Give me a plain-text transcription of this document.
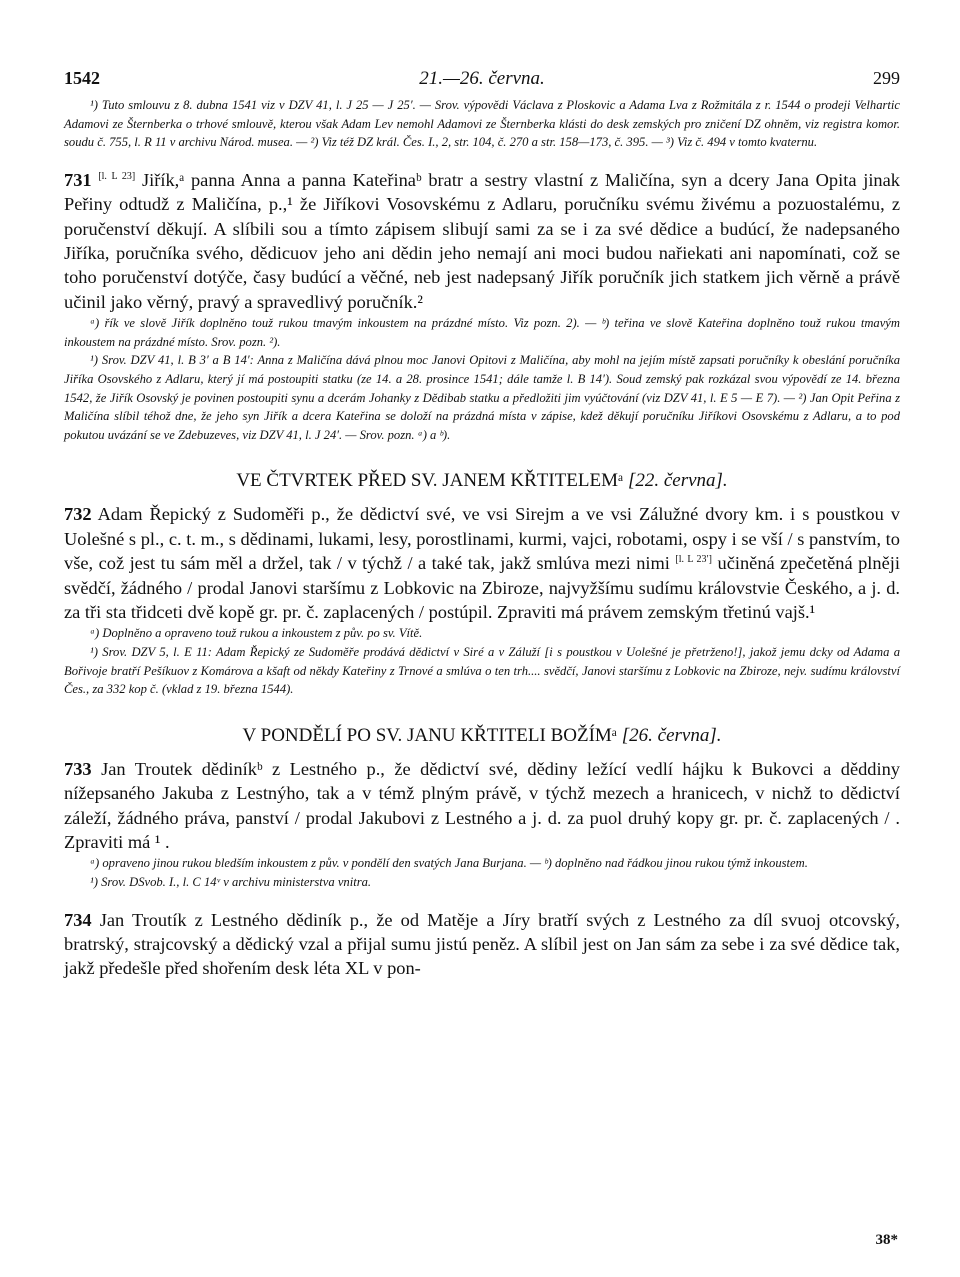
1542	21.—26. června.	299

¹) Tuto smlouvu z 8. dubna 1541 viz v DZV 41, l. J 25 — J 25′. — Srov. výpovědi Václava z Ploskovic a Adama Lva z Rožmitála z r. 1544 o prodeji Velhartic Adamovi ze Šternberka o trhové smlouvě, kterou však Adam Lev nemohl Adamovi ze Šternberka klásti do desk zemských pro zničení DZ ohněm, viz registra komor. soudu č. 755, l. R 11 v archivu Národ. musea. — ²) Viz též DZ král. Čes. I., 2, str. 104, č. 270 a str. 158—173, č. 395. — ³) Viz č. 494 v tomto kvaternu.

731 [l. L 23] Jiřík,ᵃ panna Anna a panna Kateřinaᵇ bratr a sestry vlastní z Maličína, syn a dcery Jana Opita jinak Peřiny odtudž z Maličína, p.,¹ že Jiříkovi Vosovskému z Adlaru, poručníku svému živému a pozuostalému, z poručenství děkují. A slíbili sou a tímto zápisem slibují sami za se i za své dědice a budúcí, že nadepsaného Jiříka, poručníka svého, dědicuov jeho ani dědin jeho nemají ani moci budou nařiekati ani napomínati, což se toho poručenství dotýče, časy budúcí a věčné, neb jest nadepsaný Jiřík poručník jich statkem jich věrně a právě učinil jako věrný, pravý a spravedlivý poručník.²

ᵃ) řík ve slově Jiřík doplněno touž rukou tmavým inkoustem na prázdné místo. Viz pozn. 2). — ᵇ) teřina ve slově Kateřina doplněno touž rukou tmavým inkoustem na prázdné místo. Srov. pozn. ²).

¹) Srov. DZV 41, l. B 3′ a B 14′: Anna z Maličína dává plnou moc Janovi Opitovi z Maličína, aby mohl na jejím místě zapsati poručníky k obeslání poručníka Jiříka Osovského z Adlaru, který jí má postoupiti statku (ze 14. a 28. prosince 1541; dále tamže l. B 14′). Soud zemský pak rozkázal svou výpovědí ze 14. března 1542, že Jiřík Osovský je povinen postoupiti synu a dcerám Johanky z Dědibab statku a předložiti jim vyúčtování (viz DZV 41, l. E 5 — E 7). — ²) Jan Opit Peřina z Maličína slíbil téhož dne, že jeho syn Jiřík a dcera Kateřina se doloží na prázdná místa v zápise, kdež děkují poručníku Jiříkovi Osovskému z Adlaru, a to pod pokutou uvázání se ve Zdebuzeves, viz DZV 41, l. J 24′. — Srov. pozn. ᵃ) a ᵇ).

VE ČTVRTEK PŘED SV. JANEM KŘTITELEMᵃ [22. června].

732 Adam Řepický z Sudoměři p., že dědictví své, ve vsi Sirejm a ve vsi Zálužné dvory km. i s poustkou v Uolešné s pl., c. t. m., s dědinami, lukami, lesy, porostlinami, kurmi, vajci, robotami, ospy i se vší / s panstvím, to vše, což jest tu sám měl a držel, tak / v týchž / a také tak, jakž smlúva mezi nimi [l. L 23′] učiněná zpečetěná plněji svědčí, žádného / prodal Janovi staršímu z Lobkovic na Zbiroze, najvyžšímu sudímu královstvie Českého, a j. d. za tři sta třidceti dvě kopě gr. pr. č. zaplacených / postúpil. Zpraviti má právem zemským třetinú vajš.¹

ᵃ) Doplněno a opraveno touž rukou a inkoustem z pův. po sv. Vítě.

¹) Srov. DZV 5, l. E 11: Adam Řepický ze Sudoměře prodává dědictví v Siré a v Záluží [i s poustkou v Uolešné je přetrženo!], jakož jemu dcky od Adama a Bořivoje bratří Pešíkuov z Komárova a kšaft od někdy Kateřiny z Trnové a smlúva o ten trh.... svědčí, Janovi staršímu z Lobkovic na Zbiroze, nejv. sudímu království Čes., za 332 kop č. (vklad z 19. března 1544).

V PONDĚLÍ PO SV. JANU KŘTITELI BOŽÍMᵃ [26. června].

733 Jan Troutek dědiníkᵇ z Lestného p., že dědictví své, dědiny ležící vedlí hájku k Bukovci a děddiny nížepsaného Jakuba z Lestnýho, tak a v témž plným právě, v týchž mezech a hranicech, v nichž to dědictví záleží, žádného práva, panství / prodal Jakubovi z Lestného a j. d. za puol druhý kopy gr. pr. č. zaplacených / . Zpraviti má ¹ .

ᵃ) opraveno jinou rukou bledším inkoustem z pův. v pondělí den svatých Jana Burjana. — ᵇ) doplněno nad řádkou jinou rukou týmž inkoustem.

¹) Srov. DSvob. I., l. C 14ᵛ v archivu ministerstva vnitra.

734 Jan Troutík z Lestného dědiník p., že od Matěje a Jíry bratří svých z Lestného za díl svuoj otcovský, bratrský, strajcovský a dědický vzal a přijal sumu jistú peněz. A slíbil jest on Jan sám za sebe i za své dědice tak, jakž předešle před shořením desk léta XL v pon-

38*
